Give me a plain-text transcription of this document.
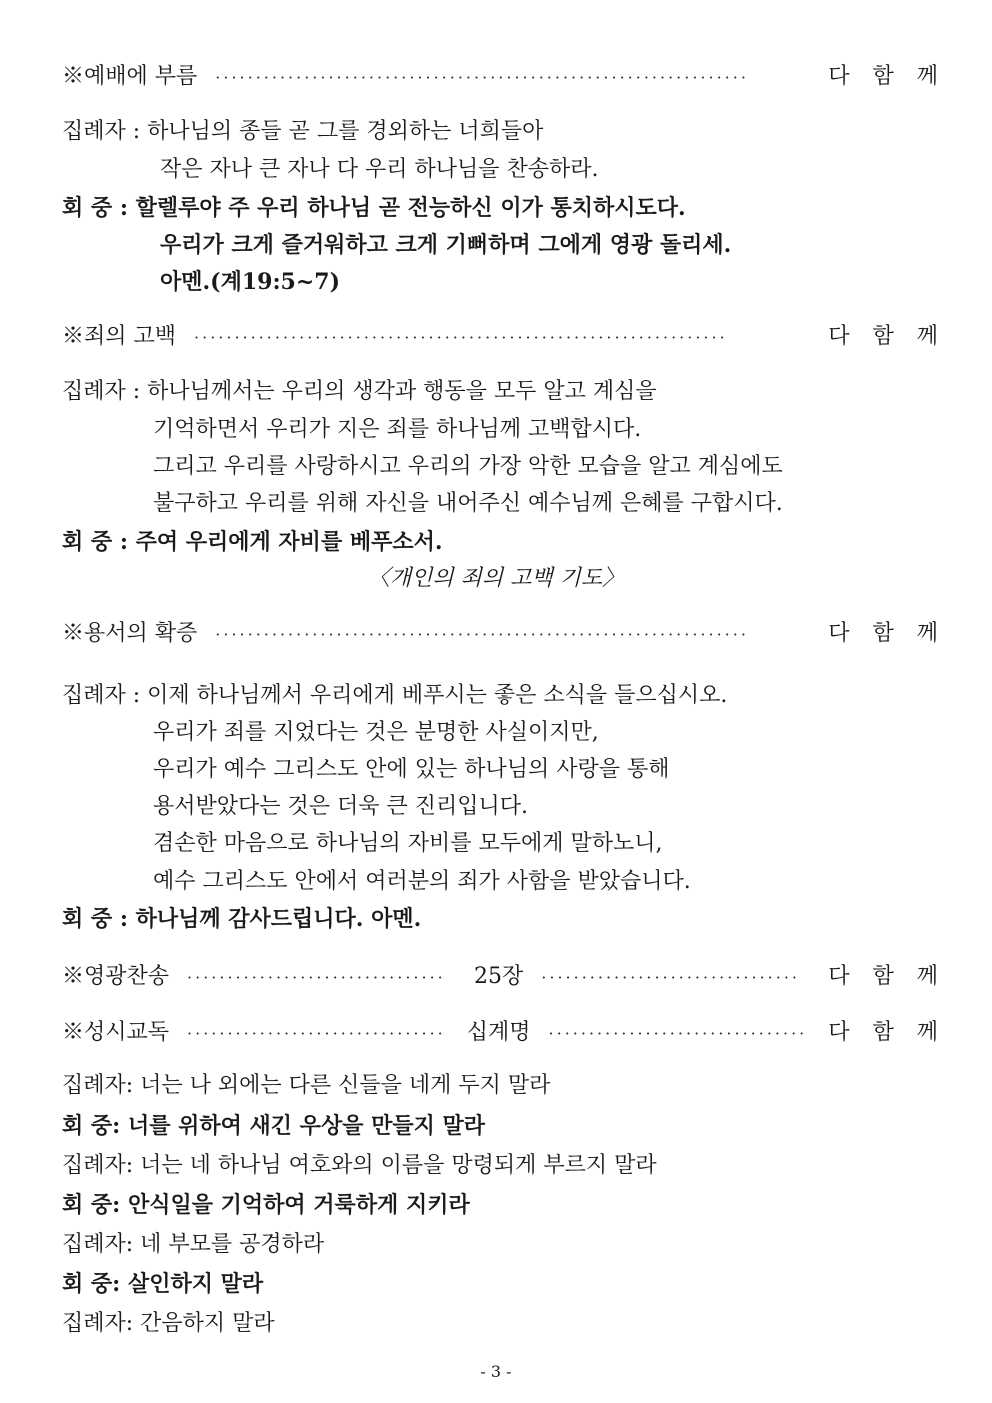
※예배에 부름 ··································································	다 함 께
집례자 : 하나님의 종들 곧 그를 경외하는 너희들아
작은 자나 큰 자나 다 우리 하나님을 찬송하라.
회 중 : 할렐루야 주 우리 하나님 곧 전능하신 이가 통치하시도다.
우리가 크게 즐거워하고 크게 기뻐하며 그에게 영광 돌리세.
아멘.(계19:5~7)
※죄의 고백 ··································································	다 함 께
집례자 : 하나님께서는 우리의 생각과 행동을 모두 알고 계심을
기억하면서 우리가 지은 죄를 하나님께 고백합시다.
그리고 우리를 사랑하시고 우리의 가장 악한 모습을 알고 계심에도
불구하고 우리를 위해 자신을 내어주신 예수님께 은혜를 구합시다.
회 중 : 주여 우리에게 자비를 베푸소서.
〈개인의 죄의 고백 기도〉
※용서의 확증 ··································································	다 함 께
집례자 : 이제 하나님께서 우리에게 베푸시는 좋은 소식을 들으십시오.
우리가 죄를 지었다는 것은 분명한 사실이지만,
우리가 예수 그리스도 안에 있는 하나님의 사랑을 통해
용서받았다는 것은 더욱 큰 진리입니다.
겸손한 마음으로 하나님의 자비를 모두에게 말하노니,
예수 그리스도 안에서 여러분의 죄가 사함을 받았습니다.
회 중 : 하나님께 감사드립니다. 아멘.
※영광찬송 ································	25장 ································	다 함 께
※성시교독 ································ 십계명 ································ 다 함 께
집례자: 너는 나 외에는 다른 신들을 네게 두지 말라
회 중: 너를 위하여 새긴 우상을 만들지 말라
집례자: 너는 네 하나님 여호와의 이름을 망령되게 부르지 말라
회 중: 안식일을 기억하여 거룩하게 지키라
집례자: 네 부모를 공경하라
회 중: 살인하지 말라
집례자: 간음하지 말라
- 3 -
